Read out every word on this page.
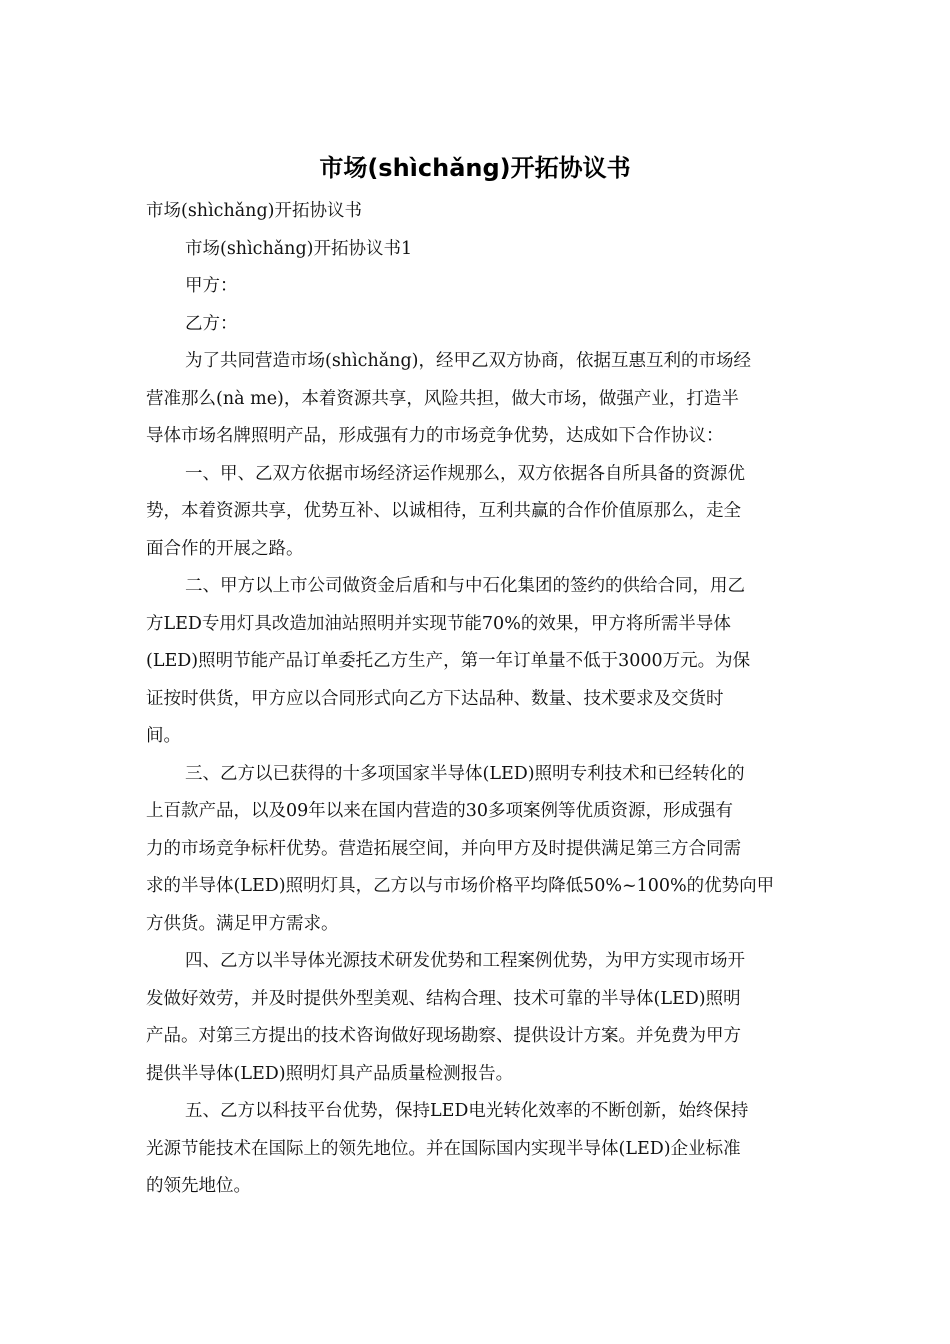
市场(shìchǎng)开拓协议书
市场(shìchǎng)开拓协议书
市场(shìchǎng)开拓协议书1
甲方：
乙方：
为了共同营造市场(shìchǎng)，经甲乙双方协商，依据互惠互利的市场经
营准那么(nà me)，本着资源共享，风险共担，做大市场，做强产业，打造半
导体市场名牌照明产品，形成强有力的市场竞争优势，达成如下合作协议：
一、甲、乙双方依据市场经济运作规那么，双方依据各自所具备的资源优
势，本着资源共享，优势互补、以诚相待，互利共赢的合作价值原那么，走全
面合作的开展之路。
二、甲方以上市公司做资金后盾和与中石化集团的签约的供给合同，用乙
方LED专用灯具改造加油站照明并实现节能70%的效果，甲方将所需半导体
(LED)照明节能产品订单委托乙方生产，第一年订单量不低于3000万元。为保
证按时供货，甲方应以合同形式向乙方下达品种、数量、技术要求及交货时
间。
三、乙方以已获得的十多项国家半导体(LED)照明专利技术和已经转化的
上百款产品，以及09年以来在国内营造的30多项案例等优质资源，形成强有
力的市场竞争标杆优势。营造拓展空间，并向甲方及时提供满足第三方合同需
求的半导体(LED)照明灯具，乙方以与市场价格平均降低50%~100%的优势向甲
方供货。满足甲方需求。
四、乙方以半导体光源技术研发优势和工程案例优势，为甲方实现市场开
发做好效劳，并及时提供外型美观、结构合理、技术可靠的半导体(LED)照明
产品。对第三方提出的技术咨询做好现场勘察、提供设计方案。并免费为甲方
提供半导体(LED)照明灯具产品质量检测报告。
五、乙方以科技平台优势，保持LED电光转化效率的不断创新，始终保持
光源节能技术在国际上的领先地位。并在国际国内实现半导体(LED)企业标准
的领先地位。
